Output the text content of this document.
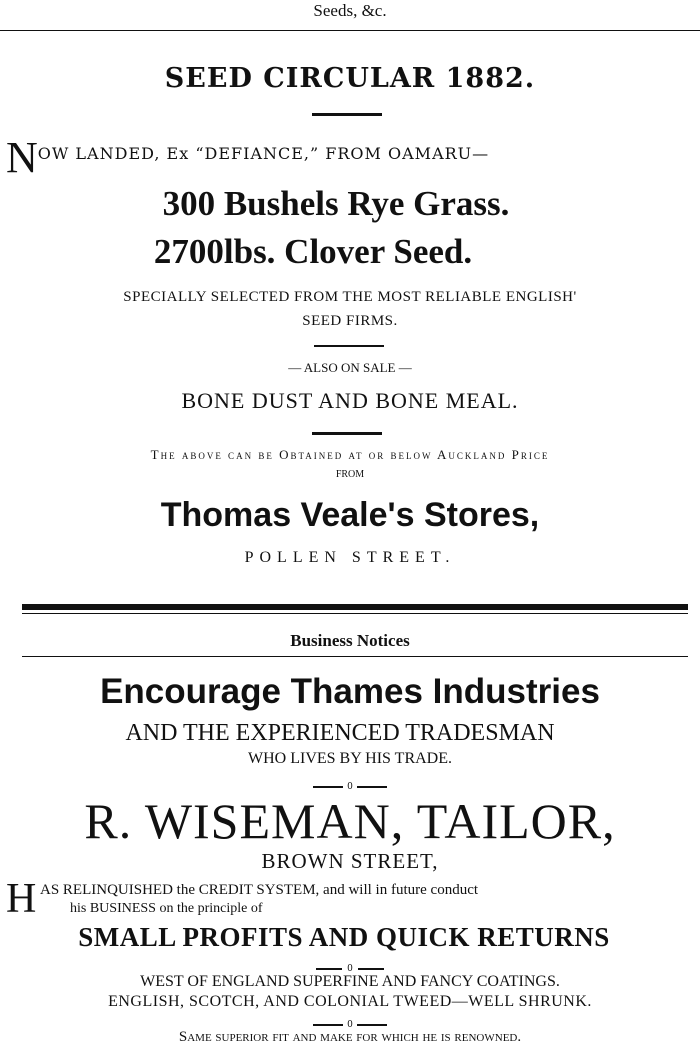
Seeds, &c.
SEED CIRCULAR 1882.
NOW LANDED, Ex “DEFIANCE,” FROM OAMARU—
300 Bushels Rye Grass.
2700lbs. Clover Seed.
SPECIALLY SELECTED FROM THE MOST RELIABLE ENGLISH'
SEED FIRMS.
— ALSO ON SALE —
BONE DUST AND BONE MEAL.
The above can be Obtained at or below Auckland Price
FROM
Thomas Veale's Stores,
POLLEN STREET.
Business Notices
Encourage Thames Industries
AND THE EXPERIENCED TRADESMAN
WHO LIVES BY HIS TRADE.
0
R. WISEMAN, TAILOR,
BROWN STREET,
H AS RELINQUISHED the CREDIT SYSTEM, and will in future conduct
his BUSINESS on the principle of
SMALL PROFITS AND QUICK RETURNS
0
WEST OF ENGLAND SUPERFINE AND FANCY COATINGS.
ENGLISH, SCOTCH, AND COLONIAL TWEED—WELL SHRUNK.
0
Same superior fit and make for which he is renowned.
